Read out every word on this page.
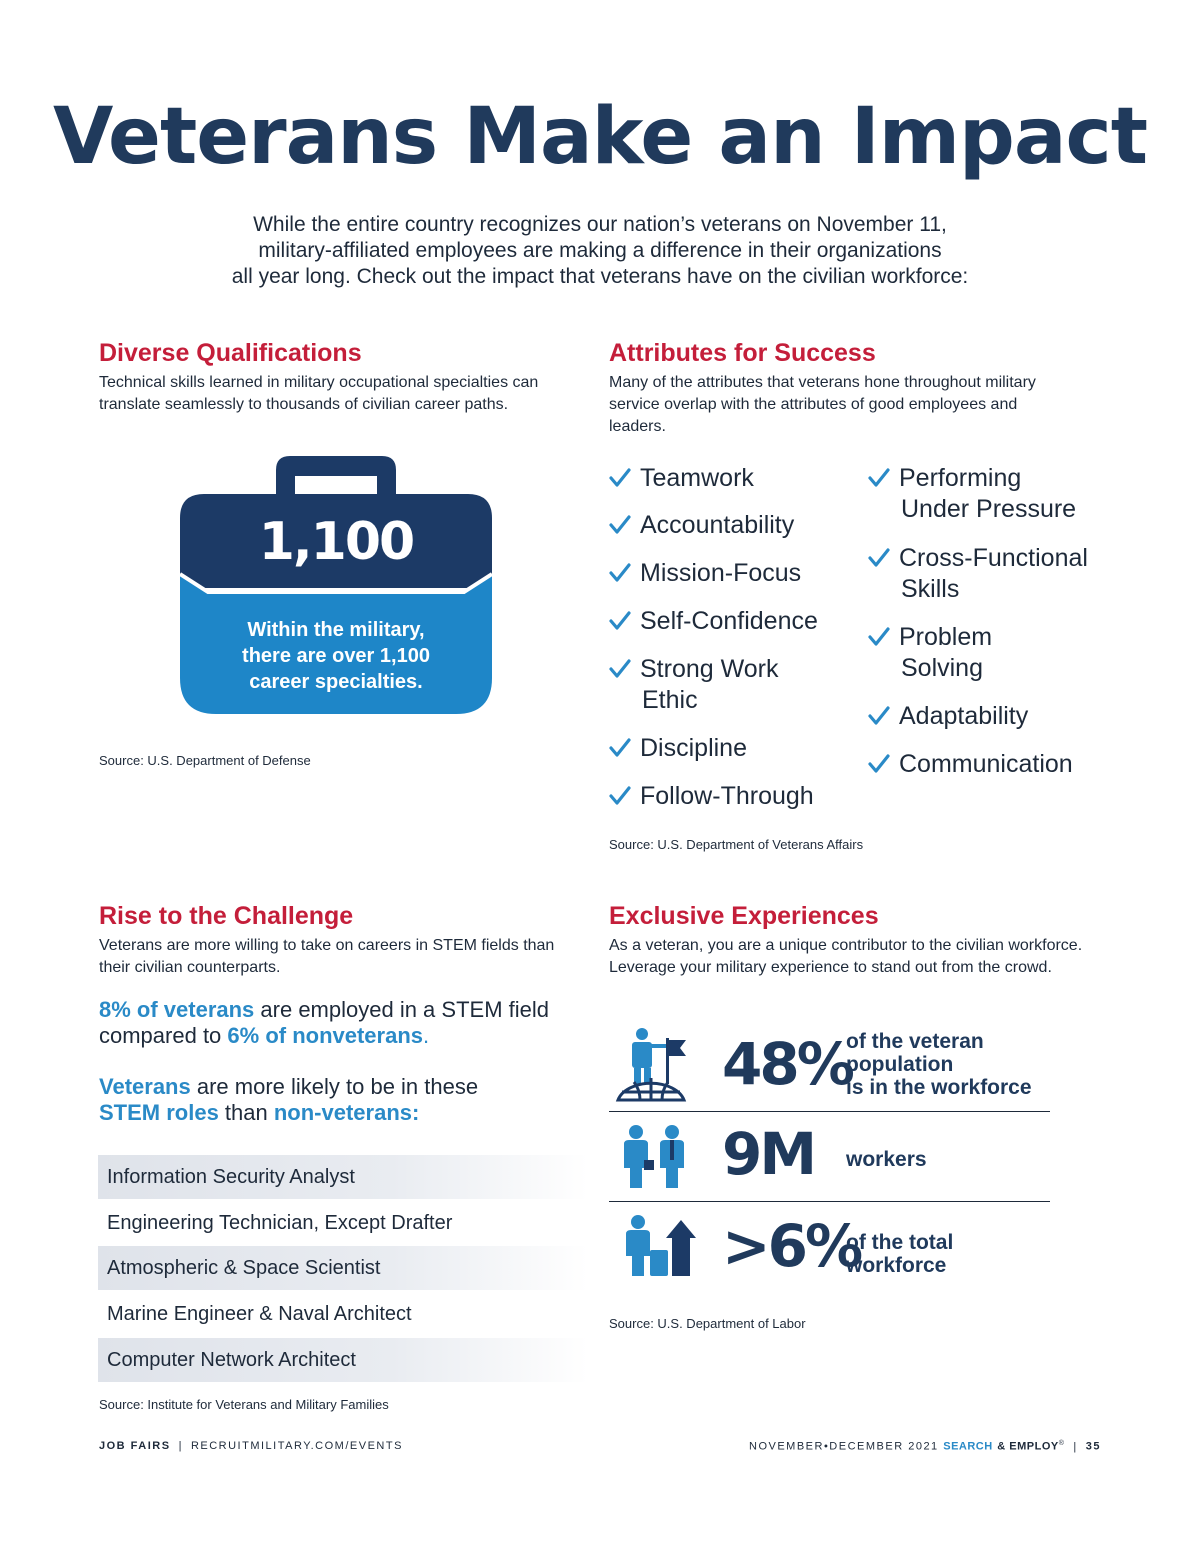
Veterans Make an Impact
While the entire country recognizes our nation’s veterans on November 11,
military-affiliated employees are making a difference in their organizations
all year long. Check out the impact that veterans have on the civilian workforce:
Diverse Qualifications
Technical skills learned in military occupational specialties can translate seamlessly to thousands of civilian career paths.
1,100
Within the military,
there are over 1,100
career specialties.
Source: U.S. Department of Defense
Attributes for Success
Many of the attributes that veterans hone throughout military service overlap with the attributes of good employees and leaders.
Teamwork
Accountability
Mission-Focus
Self-Confidence
Strong Work
Ethic
Discipline
Follow-Through
Performing
Under Pressure
Cross-Functional
Skills
Problem
Solving
Adaptability
Communication
Source: U.S. Department of Veterans Affairs
Rise to the Challenge
Veterans are more willing to take on careers in STEM fields than their civilian counterparts.
8% of veterans are employed in a STEM field
compared to 6% of nonveterans.
Veterans are more likely to be in these
STEM roles than non-veterans:
Information Security Analyst
Engineering Technician, Except Drafter
Atmospheric & Space Scientist
Marine Engineer & Naval Architect
Computer Network Architect
Source: Institute for Veterans and Military Families
Exclusive Experiences
As a veteran, you are a unique contributor to the civilian workforce. Leverage your military experience to stand out from the crowd.
48%
of the veteran
population
is in the workforce
9M workers
>6%
of the total
workforce
Source: U.S. Department of Labor
JOB FAIRS | RECRUITMILITARY.COM/EVENTS	NOVEMBER•DECEMBER 2021 SEARCH & EMPLOY® | 35
